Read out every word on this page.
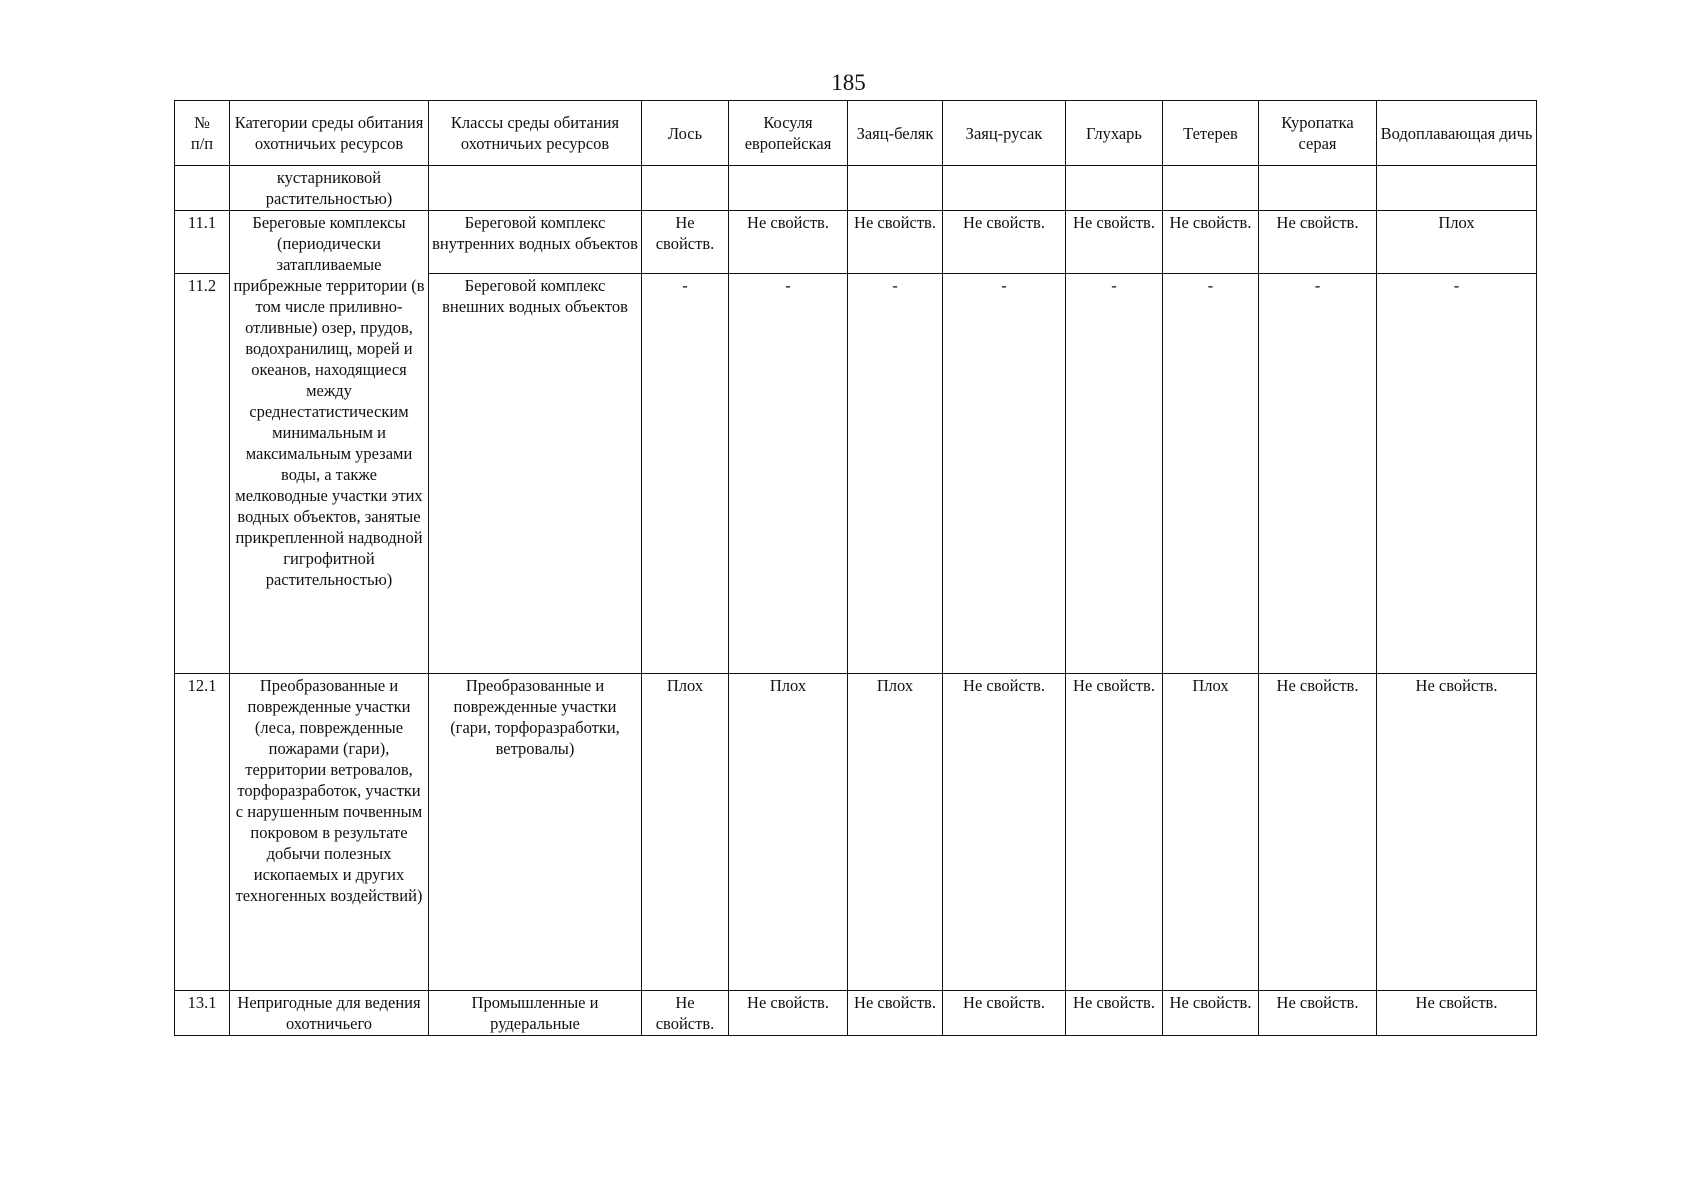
185
№
п/п	Категории среды обитания охотничьих ресурсов	Классы среды обитания охотничьих ресурсов	Лось	Косуля европейская	Заяц-беляк	Заяц-русак	Глухарь	Тетерев	Куропатка серая	Водоплавающая дичь
	кустарниковой растительностью)									
11.1	Береговые комплексы (периодически затапливаемые прибрежные территории (в том числе приливно-отливные) озер, прудов, водохранилищ, морей и океанов, находящиеся между среднестатистическим минимальным и максимальным урезами воды, а также мелководные участки этих водных объектов, занятые прикрепленной надводной гигрофитной растительностью)	Береговой комплекс внутренних водных объектов	Не свойств.	Не свойств.	Не свойств.	Не свойств.	Не свойств.	Не свойств.	Не свойств.	Плох
11.2		Береговой комплекс внешних водных объектов	-	-	-	-	-	-	-	-
12.1	Преобразованные и поврежденные участки (леса, поврежденные пожарами (гари), территории ветровалов, торфоразработок, участки с нарушенным почвенным покровом в результате добычи полезных ископаемых и других техногенных воздействий)	Преобразованные и поврежденные участки (гари, торфоразработки, ветровалы)	Плох	Плох	Плох	Не свойств.	Не свойств.	Плох	Не свойств.	Не свойств.
13.1	Непригодные для ведения охотничьего	Промышленные и рудеральные	Не свойств.	Не свойств.	Не свойств.	Не свойств.	Не свойств.	Не свойств.	Не свойств.	Не свойств.
